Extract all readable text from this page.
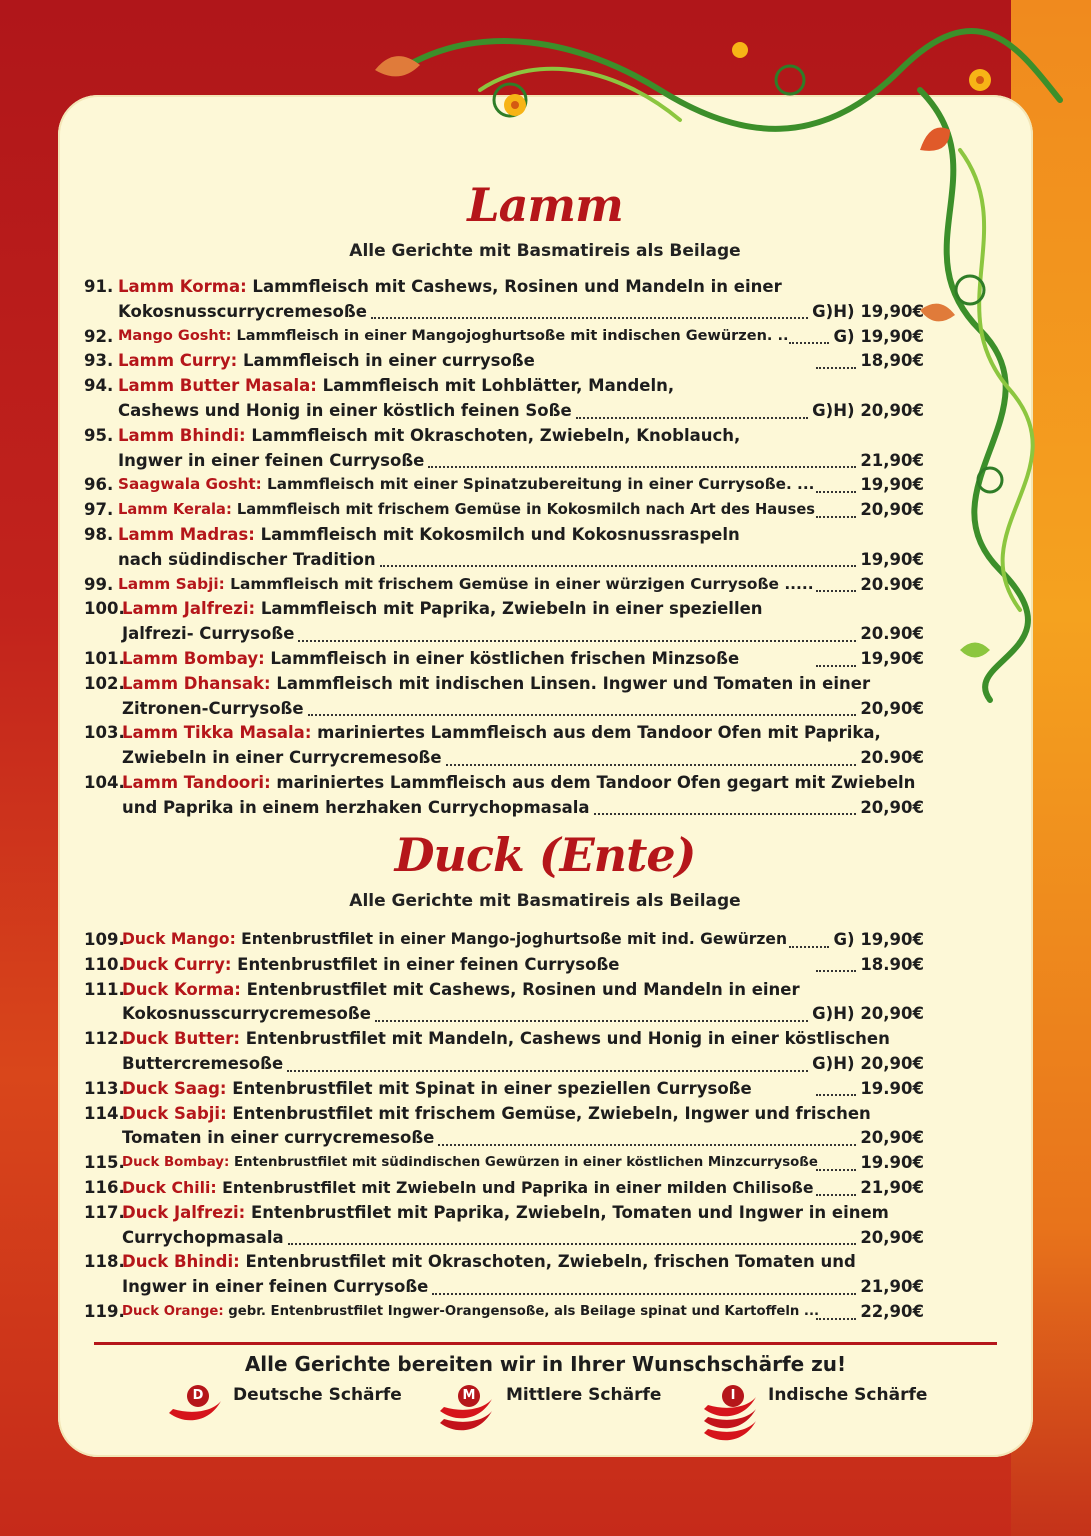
Lamm
Alle Gerichte mit Basmatireis als Beilage
91. Lamm Korma: Lammfleisch mit Cashews, Rosinen und Mandeln in einer
Kokosnusscurrycremesoße	G)H) 19,90€
92. Mango Gosht: Lammfleisch in einer Mangojoghurtsoße mit indischen Gewürzen. ..	G) 19,90€
93. Lamm Curry: Lammfleisch in einer currysoße	18,90€
94. Lamm Butter Masala: Lammfleisch mit Lohblätter, Mandeln,
Cashews und Honig in einer köstlich feinen Soße	G)H) 20,90€
95. Lamm Bhindi: Lammfleisch mit Okraschoten, Zwiebeln, Knoblauch,
Ingwer in einer feinen Currysoße	21,90€
96. Saagwala Gosht: Lammfleisch mit einer Spinatzubereitung in einer Currysoße. ...	19,90€
97. Lamm Kerala: Lammfleisch mit frischem Gemüse in Kokosmilch nach Art des Hauses	20,90€
98. Lamm Madras: Lammfleisch mit Kokosmilch und Kokosnussraspeln
nach südindischer Tradition	19,90€
99. Lamm Sabji: Lammfleisch mit frischem Gemüse in einer würzigen Currysoße .....	20.90€
100.
Lamm Jalfrezi: Lammfleisch mit Paprika, Zwiebeln in einer speziellen
Jalfrezi- Currysoße	20.90€
101.
Lamm Bombay: Lammfleisch in einer köstlichen frischen Minzsoße	19,90€
102.
Lamm Dhansak: Lammfleisch mit indischen Linsen. Ingwer und Tomaten in einer
Zitronen-Currysoße	20,90€
103.
Lamm Tikka Masala: mariniertes Lammfleisch aus dem Tandoor Ofen mit Paprika,
Zwiebeln in einer Currycremesoße	20.90€
104.
Lamm Tandoori: mariniertes Lammfleisch aus dem Tandoor Ofen gegart mit Zwiebeln
und Paprika in einem herzhaken Currychopmasala	20,90€
Duck (Ente)
Alle Gerichte mit Basmatireis als Beilage
109.
Duck Mango: Entenbrustfilet in einer Mango-joghurtsoße mit ind. Gewürzen	G) 19,90€
110.
Duck Curry: Entenbrustfilet in einer feinen Currysoße	18.90€
111.
Duck Korma: Entenbrustfilet mit Cashews, Rosinen und Mandeln in einer
Kokosnusscurrycremesoße	G)H) 20,90€
112.
Duck Butter: Entenbrustfilet mit Mandeln, Cashews und Honig in einer köstlischen
Buttercremesoße	G)H) 20,90€
113.
Duck Saag: Entenbrustfilet mit Spinat in einer speziellen Currysoße	19.90€
114.
Duck Sabji: Entenbrustfilet mit frischem Gemüse, Zwiebeln, Ingwer und frischen
Tomaten in einer currycremesoße	20,90€
115.
Duck Bombay: Entenbrustfilet mit südindischen Gewürzen in einer köstlichen Minzcurrysoße	19.90€
116.
Duck Chili: Entenbrustfilet mit Zwiebeln und Paprika in einer milden Chilisoße	21,90€
117.
Duck Jalfrezi: Entenbrustfilet mit Paprika, Zwiebeln, Tomaten und Ingwer in einem
Currychopmasala	20,90€
118.
Duck Bhindi: Entenbrustfilet mit Okraschoten, Zwiebeln, frischen Tomaten und
Ingwer in einer feinen Currysoße	21,90€
119.
Duck Orange: gebr. Entenbrustfilet Ingwer-Orangensoße, als Beilage spinat und Kartoffeln ...	22,90€
Alle Gerichte bereiten wir in Ihrer Wunschschärfe zu!
D	Deutsche Schärfe	M Mittlere Schärfe	I	Indische Schärfe
